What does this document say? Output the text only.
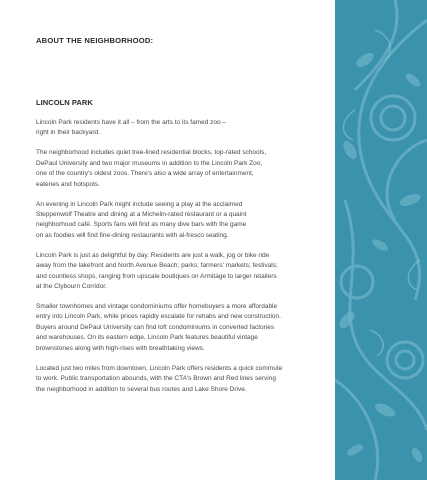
ABOUT THE NEIGHBORHOOD:
LINCOLN PARK

Lincoln Park residents have it all – from the arts to its famed zoo –
right in their backyard.

The neighborhood includes quiet tree-lined residential blocks, top-rated schools,
DePaul University and two major museums in addition to the Lincoln Park Zoo,
one of the country's oldest zoos. There's also a wide array of entertainment,
eateries and hotspots.

An evening in Lincoln Park might include seeing a play at the acclaimed
Steppenwolf Theatre and dining at a Michelin-rated restaurant or a quaint
neighborhood café. Sports fans will find as many dive bars with the game
on as foodies will find fine-dining restaurants with al-fresco seating.

Lincoln Park is just as delightful by day. Residents are just a walk, jog or bike ride
away from the lakefront and North Avenue Beach; parks; farmers' markets; festivals;
and countless shops, ranging from upscale boutiques on Armitage to larger retailers
at the Clybourn Corridor.

Smaller townhomes and vintage condominiums offer homebuyers a more affordable
entry into Lincoln Park, while prices rapidly escalate for rehabs and new construction.
Buyers around DePaul University can find loft condominiums in converted factories
and warehouses. On its eastern edge, Lincoln Park features beautiful vintage
brownstones along with high-rises with breathtaking views.

Located just two miles from downtown, Lincoln Park offers residents a quick commute
to work. Public transportation abounds, with the CTA's Brown and Red lines serving
the neighborhood in addition to several bus routes and Lake Shore Drive.
